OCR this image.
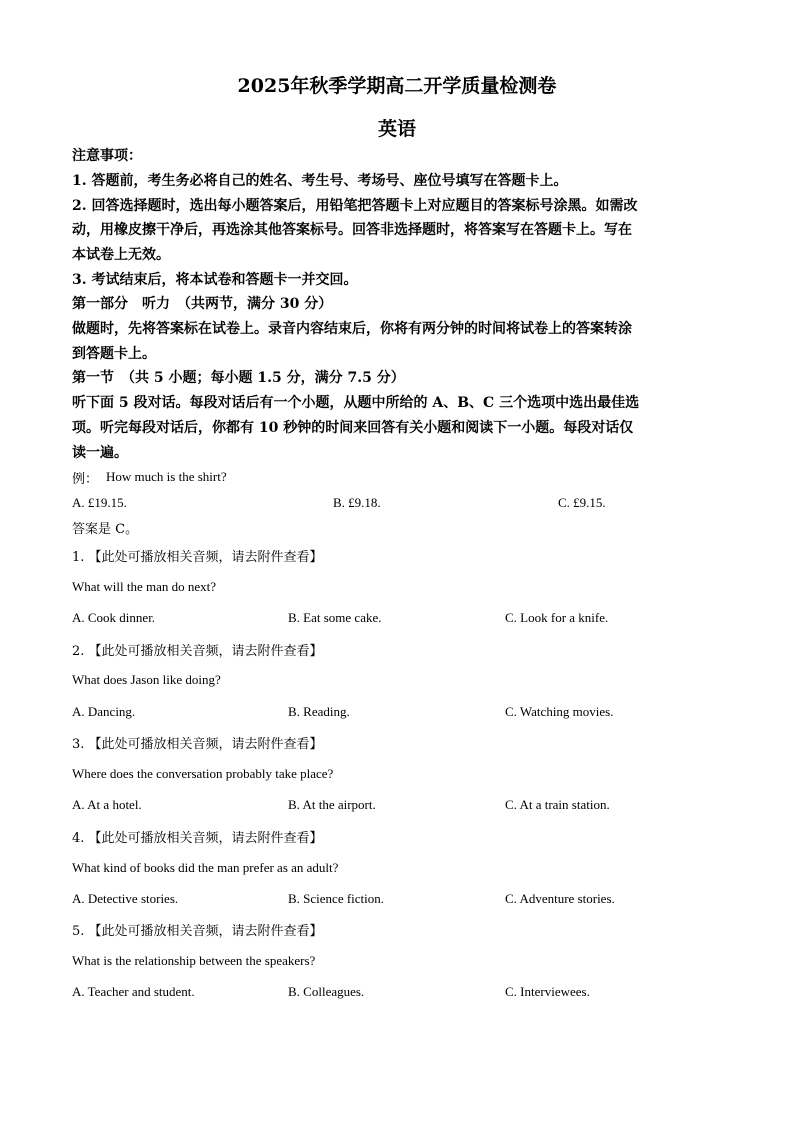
2025年秋季学期高二开学质量检测卷
英语
注意事项：
1. 答题前，考生务必将自己的姓名、考生号、考场号、座位号填写在答题卡上。
2. 回答选择题时，选出每小题答案后，用铅笔把答题卡上对应题目的答案标号涂黑。如需改
动，用橡皮擦干净后，再选涂其他答案标号。回答非选择题时，将答案写在答题卡上。写在
本试卷上无效。
3. 考试结束后，将本试卷和答题卡一并交回。
第一部分　听力　（共两节，满分 30 分）
做题时，先将答案标在试卷上。录音内容结束后，你将有两分钟的时间将试卷上的答案转涂
到答题卡上。
第一节　（共 5 小题；每小题 1.5 分，满分 7.5 分）
听下面 5 段对话。每段对话后有一个小题，从题中所给的 A、B、C 三个选项中选出最佳选
项。听完每段对话后，你都有 10 秒钟的时间来回答有关小题和阅读下一小题。每段对话仅
读一遍。
例： How much is the shirt?
A. £19.15.	B. £9.18.	C. £9.15.
答案是 C。
1. 【此处可播放相关音频，请去附件查看】
What will the man do next?
A. Cook dinner.	B. Eat some cake.	C. Look for a knife.
2. 【此处可播放相关音频，请去附件查看】
What does Jason like doing?
A. Dancing.	B. Reading.	C. Watching movies.
3. 【此处可播放相关音频，请去附件查看】
Where does the conversation probably take place?
A. At a hotel.	B. At the airport.	C. At a train station.
4. 【此处可播放相关音频，请去附件查看】
What kind of books did the man prefer as an adult?
A. Detective stories.	B. Science fiction.	C. Adventure stories.
5. 【此处可播放相关音频，请去附件查看】
What is the relationship between the speakers?
A. Teacher and student.	B. Colleagues.	C. Interviewees.
